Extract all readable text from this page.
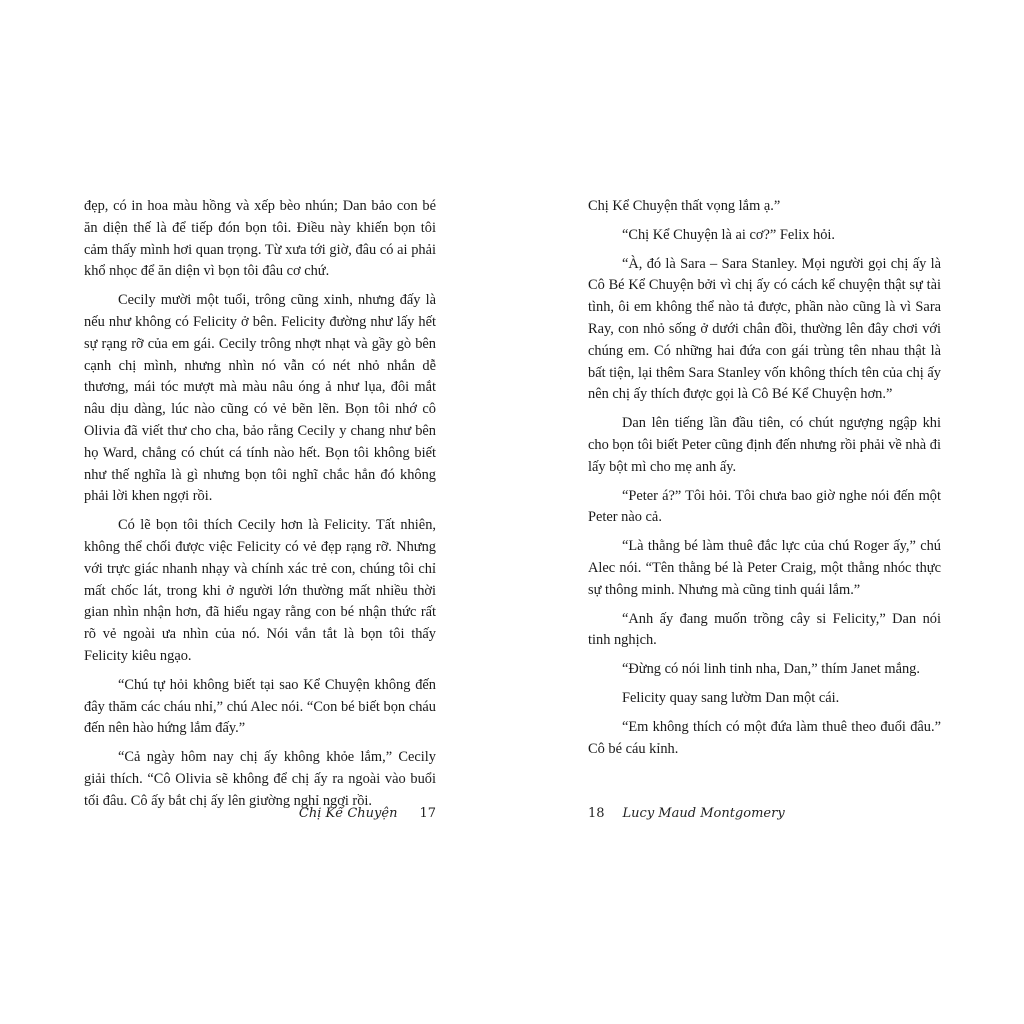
đẹp, có in hoa màu hồng và xếp bèo nhún; Dan bảo con bé ăn diện thế là để tiếp đón bọn tôi. Điều này khiến bọn tôi cảm thấy mình hơi quan trọng. Từ xưa tới giờ, đâu có ai phải khổ nhọc để ăn diện vì bọn tôi đâu cơ chứ.

Cecily mười một tuổi, trông cũng xinh, nhưng đấy là nếu như không có Felicity ở bên. Felicity đường như lấy hết sự rạng rỡ của em gái. Cecily trông nhợt nhạt và gầy gò bên cạnh chị mình, nhưng nhìn nó vẫn có nét nhỏ nhắn dễ thương, mái tóc mượt mà màu nâu óng ả như lụa, đôi mắt nâu dịu dàng, lúc nào cũng có vẻ bẽn lẽn. Bọn tôi nhớ cô Olivia đã viết thư cho cha, bảo rằng Cecily y chang như bên họ Ward, chẳng có chút cá tính nào hết. Bọn tôi không biết như thế nghĩa là gì nhưng bọn tôi nghĩ chắc hẳn đó không phải lời khen ngợi rồi.

Có lẽ bọn tôi thích Cecily hơn là Felicity. Tất nhiên, không thể chối được việc Felicity có vẻ đẹp rạng rỡ. Nhưng với trực giác nhanh nhạy và chính xác trẻ con, chúng tôi chỉ mất chốc lát, trong khi ở người lớn thường mất nhiều thời gian nhìn nhận hơn, đã hiểu ngay rằng con bé nhận thức rất rõ vẻ ngoài ưa nhìn của nó. Nói vắn tắt là bọn tôi thấy Felicity kiêu ngạo.

“Chú tự hỏi không biết tại sao Kể Chuyện không đến đây thăm các cháu nhỉ,” chú Alec nói. “Con bé biết bọn cháu đến nên hào hứng lắm đấy.”

“Cả ngày hôm nay chị ấy không khỏe lắm,” Cecily giải thích. “Cô Olivia sẽ không để chị ấy ra ngoài vào buổi tối đâu. Cô ấy bắt chị ấy lên giường nghỉ ngơi rồi.

Chị Kể Chuyện 17

Chị Kể Chuyện thất vọng lắm ạ.”

“Chị Kể Chuyện là ai cơ?” Felix hỏi.

“À, đó là Sara – Sara Stanley. Mọi người gọi chị ấy là Cô Bé Kể Chuyện bởi vì chị ấy có cách kể chuyện thật sự tài tình, ôi em không thể nào tả được, phần nào cũng là vì Sara Ray, con nhỏ sống ở dưới chân đồi, thường lên đây chơi với chúng em. Có những hai đứa con gái trùng tên nhau thật là bất tiện, lại thêm Sara Stanley vốn không thích tên của chị ấy nên chị ấy thích được gọi là Cô Bé Kể Chuyện hơn.”

Dan lên tiếng lần đầu tiên, có chút ngượng ngập khi cho bọn tôi biết Peter cũng định đến nhưng rồi phải về nhà đi lấy bột mì cho mẹ anh ấy.

“Peter á?” Tôi hỏi. Tôi chưa bao giờ nghe nói đến một Peter nào cả.

“Là thằng bé làm thuê đắc lực của chú Roger ấy,” chú Alec nói. “Tên thằng bé là Peter Craig, một thằng nhóc thực sự thông minh. Nhưng mà cũng tinh quái lắm.”

“Anh ấy đang muốn trồng cây si Felicity,” Dan nói tinh nghịch.

“Đừng có nói linh tinh nha, Dan,” thím Janet mắng.

Felicity quay sang lườm Dan một cái.

“Em không thích có một đứa làm thuê theo đuổi đâu.” Cô bé cáu kỉnh.

18 Lucy Maud Montgomery
